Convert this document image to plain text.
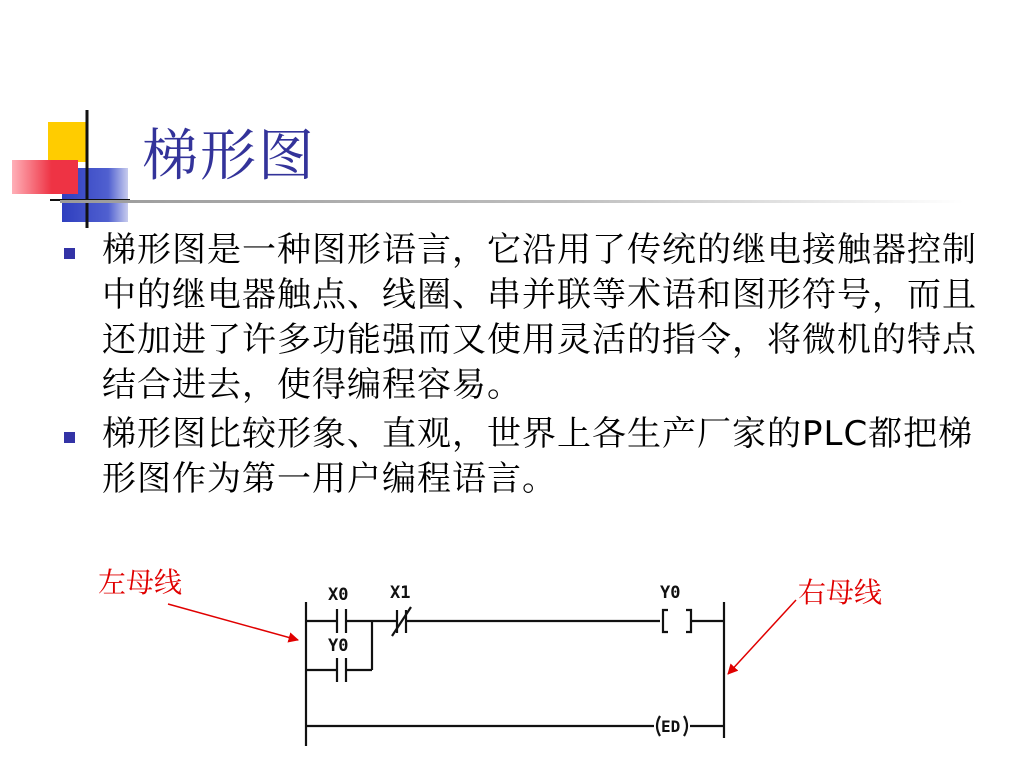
梯形图
梯形图是一种图形语言，它沿用了传统的继电接触器控制中的继电器触点、线圈、串并联等术语和图形符号，而且还加进了许多功能强而又使用灵活的指令，将微机的特点结合进去，使得编程容易。
梯形图比较形象、直观，世界上各生产厂家的PLC都把梯形图作为第一用户编程语言。
左母线	右母线
X0 X1	Y0
Y0
ED
